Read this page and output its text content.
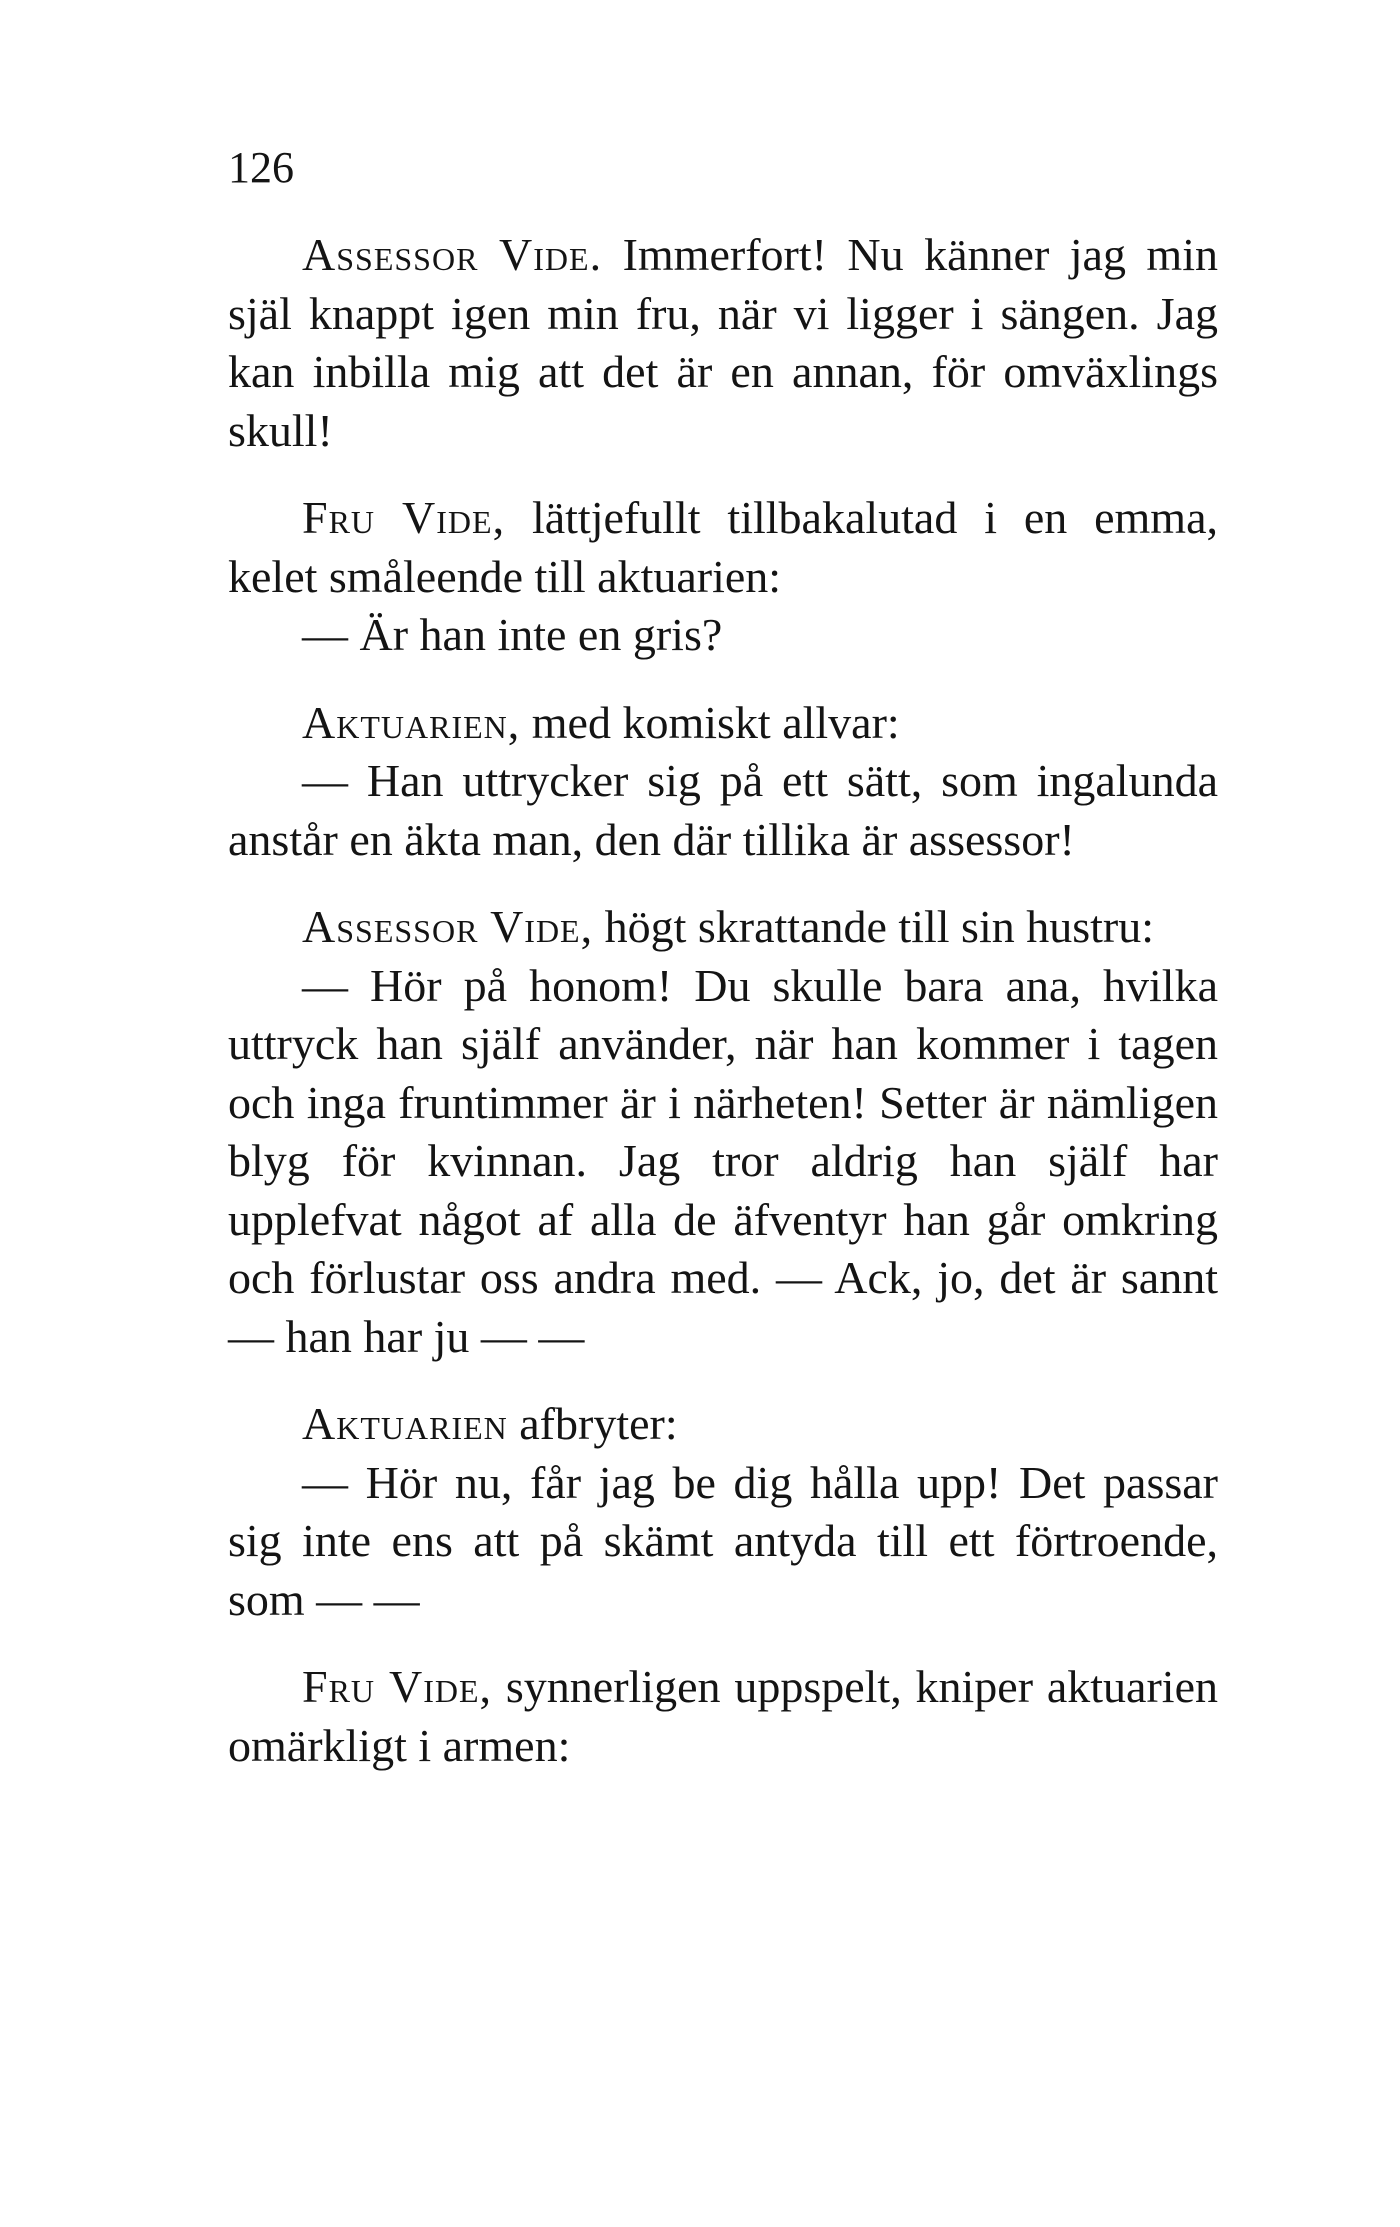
126

Assessor Vide. Immerfort! Nu känner jag min själ knappt igen min fru, när vi ligger i sängen. Jag kan inbilla mig att det är en annan, för omväxlings skull!

Fru Vide, lättjefullt tillbakalutad i en emma, kelet småleende till aktuarien:

— Är han inte en gris?

Aktuarien, med komiskt allvar:

— Han uttrycker sig på ett sätt, som ingalunda anstår en äkta man, den där tillika är assessor!

Assessor Vide, högt skrattande till sin hustru:

— Hör på honom! Du skulle bara ana, hvilka uttryck han själf använder, när han kommer i tagen och inga fruntimmer är i närheten! Setter är nämligen blyg för kvinnan. Jag tror aldrig han själf har upplefvat något af alla de äfventyr han går omkring och förlustar oss andra med. — Ack, jo, det är sannt — han har ju — —

Aktuarien afbryter:

— Hör nu, får jag be dig hålla upp! Det passar sig inte ens att på skämt antyda till ett förtroende, som — —

Fru Vide, synnerligen uppspelt, kniper aktuarien omärkligt i armen:
